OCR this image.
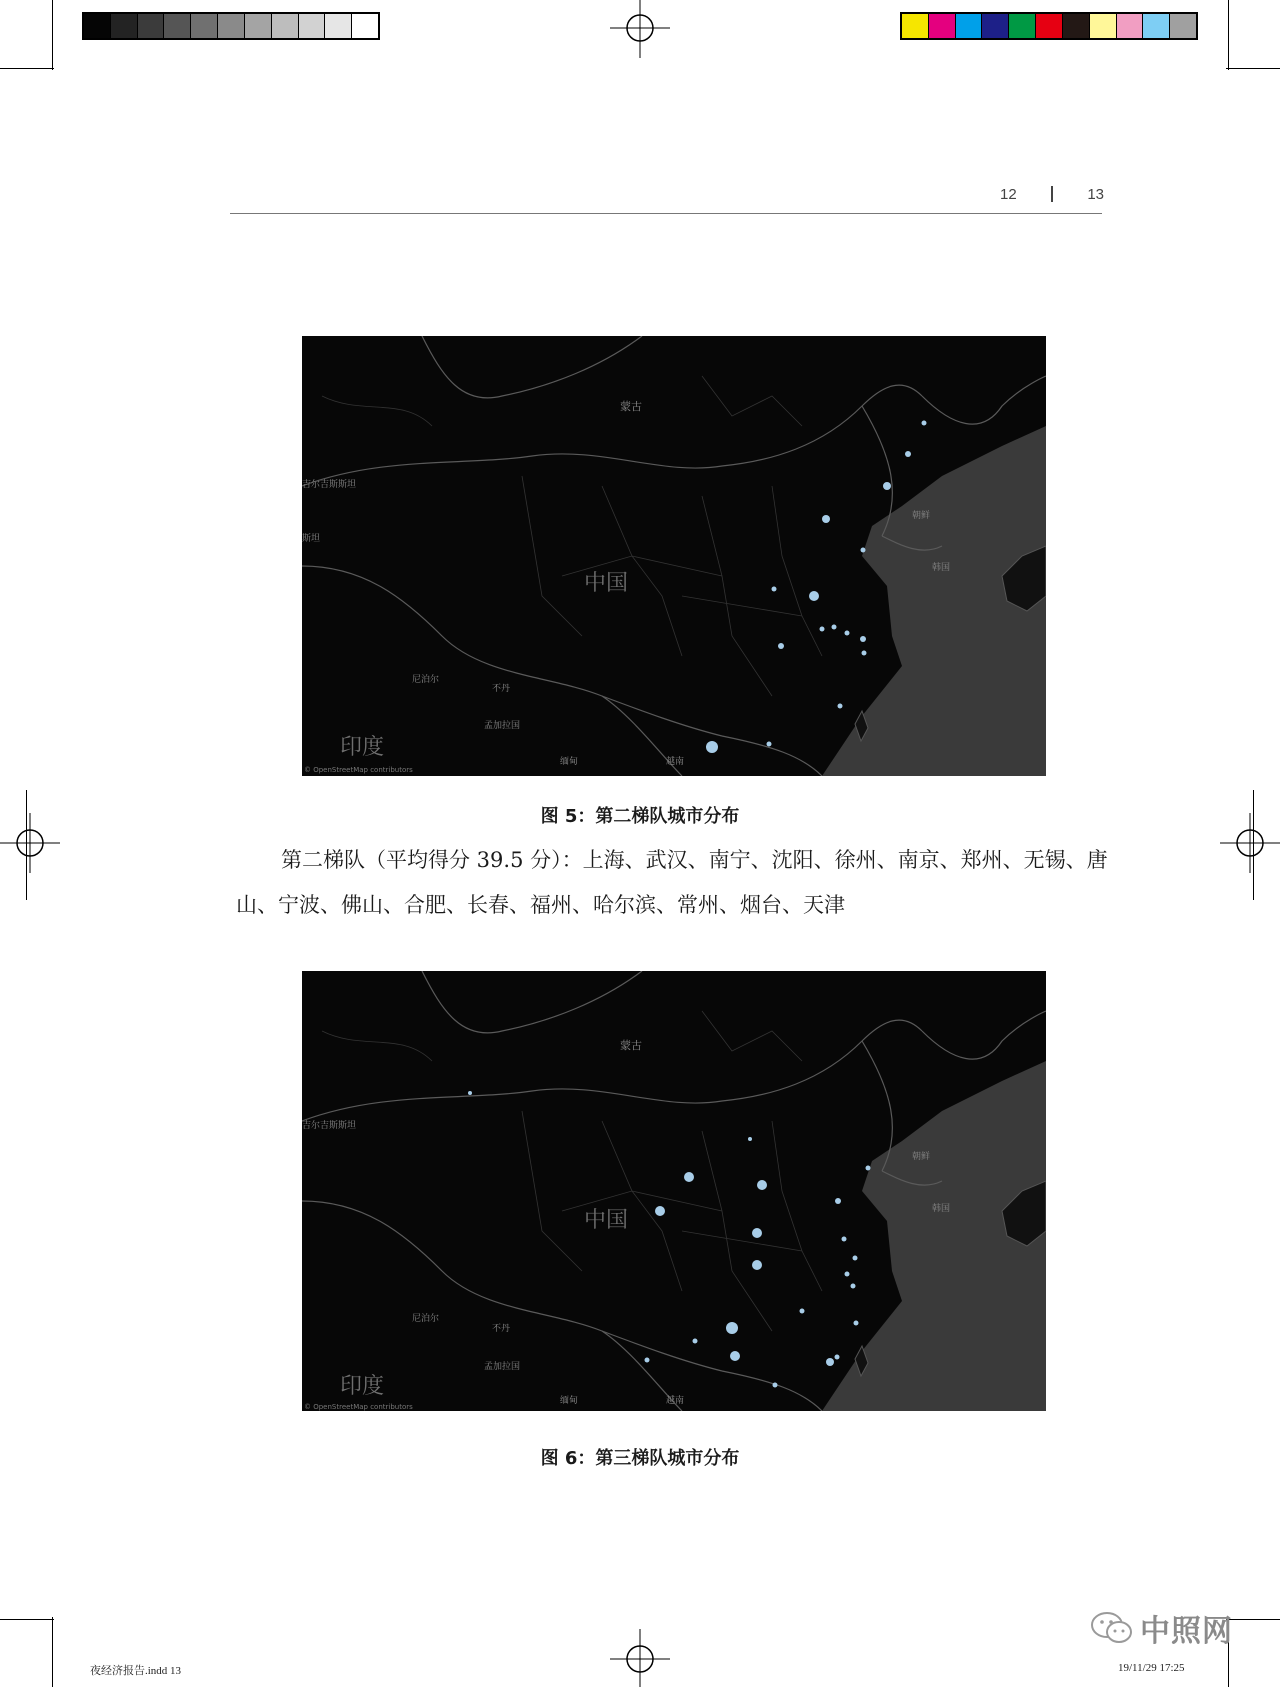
12	13
蒙古
中国
印度
吉尔吉斯斯坦
斯坦
尼泊尔
不丹
孟加拉国
缅甸	越南
朝鲜
韩国
© OpenStreetMap contributors
图 5：第二梯队城市分布

第二梯队（平均得分 39.5 分）：上海、武汉、南宁、沈阳、徐州、南京、郑州、无锡、唐山、宁波、佛山、合肥、长春、福州、哈尔滨、常州、烟台、天津

蒙古
中国
印度
吉尔吉斯斯坦
尼泊尔
不丹
孟加拉国
缅甸	越南
朝鲜
韩国
© OpenStreetMap contributors
图 6：第三梯队城市分布
夜经济报告.indd 13	19/11/29 17:25
中照网
